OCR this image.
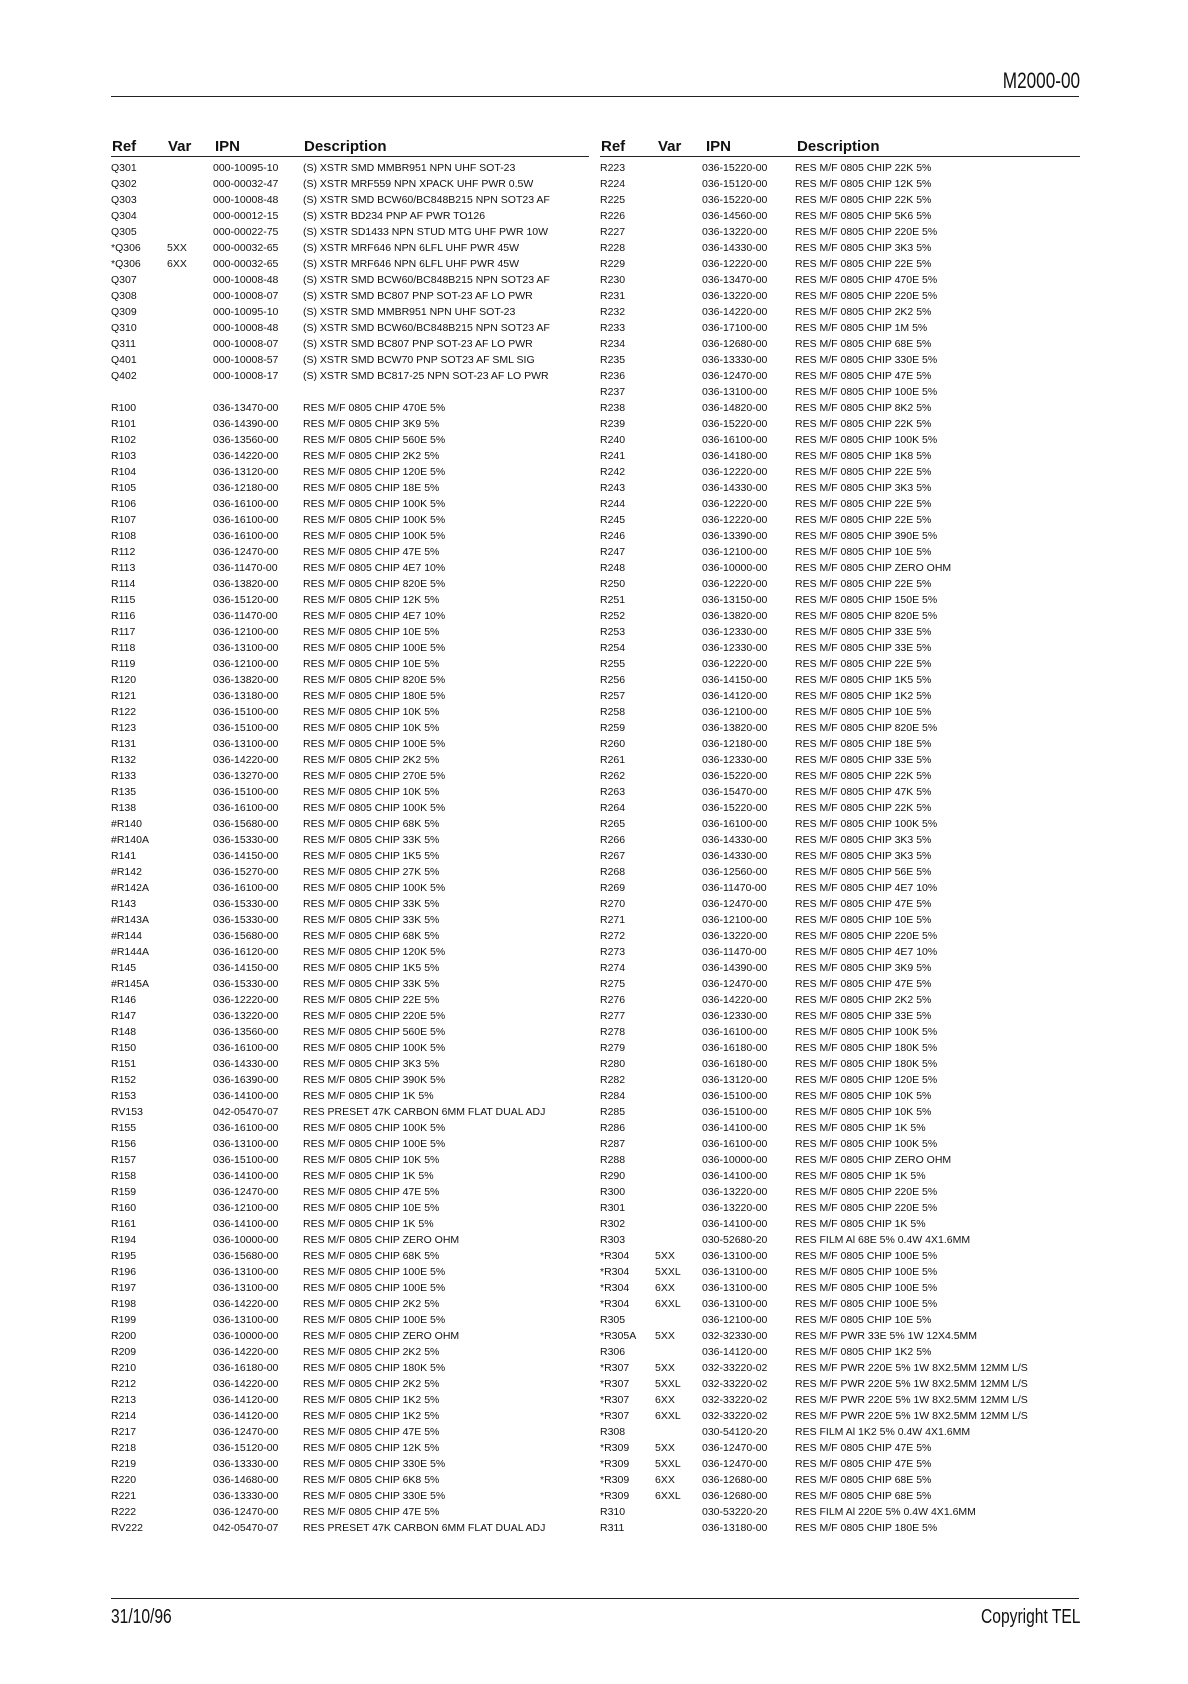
M2000-00
Ref Var IPN	Description
Q301	000-10095-10 (S) XSTR SMD MMBR951 NPN UHF SOT-23
Q302	000-00032-47 (S) XSTR MRF559 NPN XPACK UHF PWR 0.5W
Q303	000-10008-48 (S) XSTR SMD BCW60/BC848B215 NPN SOT23 AF
Q304	000-00012-15 (S) XSTR BD234 PNP AF PWR TO126
Q305	000-00022-75 (S) XSTR SD1433 NPN STUD MTG UHF PWR 10W
*Q306 5XX 000-00032-65 (S) XSTR MRF646 NPN 6LFL UHF PWR 45W
*Q306 6XX 000-00032-65 (S) XSTR MRF646 NPN 6LFL UHF PWR 45W
Q307	000-10008-48 (S) XSTR SMD BCW60/BC848B215 NPN SOT23 AF
Q308	000-10008-07 (S) XSTR SMD BC807 PNP SOT-23 AF LO PWR
Q309	000-10095-10 (S) XSTR SMD MMBR951 NPN UHF SOT-23
Q310	000-10008-48 (S) XSTR SMD BCW60/BC848B215 NPN SOT23 AF
Q311	000-10008-07 (S) XSTR SMD BC807 PNP SOT-23 AF LO PWR
Q401	000-10008-57 (S) XSTR SMD BCW70 PNP SOT23 AF SML SIG
Q402	000-10008-17 (S) XSTR SMD BC817-25 NPN SOT-23 AF LO PWR
R100	036-13470-00 RES M/F 0805 CHIP 470E 5%
R101	036-14390-00 RES M/F 0805 CHIP 3K9 5%
R102	036-13560-00 RES M/F 0805 CHIP 560E 5%
R103	036-14220-00 RES M/F 0805 CHIP 2K2 5%
R104	036-13120-00 RES M/F 0805 CHIP 120E 5%
R105	036-12180-00 RES M/F 0805 CHIP 18E 5%
R106	036-16100-00 RES M/F 0805 CHIP 100K 5%
R107	036-16100-00 RES M/F 0805 CHIP 100K 5%
R108	036-16100-00 RES M/F 0805 CHIP 100K 5%
R112	036-12470-00 RES M/F 0805 CHIP 47E 5%
R113	036-11470-00 RES M/F 0805 CHIP 4E7 10%
R114	036-13820-00 RES M/F 0805 CHIP 820E 5%
R115	036-15120-00 RES M/F 0805 CHIP 12K 5%
R116	036-11470-00 RES M/F 0805 CHIP 4E7 10%
R117	036-12100-00 RES M/F 0805 CHIP 10E 5%
R118	036-13100-00 RES M/F 0805 CHIP 100E 5%
R119	036-12100-00 RES M/F 0805 CHIP 10E 5%
R120	036-13820-00 RES M/F 0805 CHIP 820E 5%
R121	036-13180-00 RES M/F 0805 CHIP 180E 5%
R122	036-15100-00 RES M/F 0805 CHIP 10K 5%
R123	036-15100-00 RES M/F 0805 CHIP 10K 5%
R131	036-13100-00 RES M/F 0805 CHIP 100E 5%
R132	036-14220-00 RES M/F 0805 CHIP 2K2 5%
R133	036-13270-00 RES M/F 0805 CHIP 270E 5%
R135	036-15100-00 RES M/F 0805 CHIP 10K 5%
R138	036-16100-00 RES M/F 0805 CHIP 100K 5%
#R140	036-15680-00 RES M/F 0805 CHIP 68K 5%
#R140A	036-15330-00 RES M/F 0805 CHIP 33K 5%
R141	036-14150-00 RES M/F 0805 CHIP 1K5 5%
#R142	036-15270-00 RES M/F 0805 CHIP 27K 5%
#R142A	036-16100-00 RES M/F 0805 CHIP 100K 5%
R143	036-15330-00 RES M/F 0805 CHIP 33K 5%
#R143A	036-15330-00 RES M/F 0805 CHIP 33K 5%
#R144	036-15680-00 RES M/F 0805 CHIP 68K 5%
#R144A	036-16120-00 RES M/F 0805 CHIP 120K 5%
R145	036-14150-00 RES M/F 0805 CHIP 1K5 5%
#R145A	036-15330-00 RES M/F 0805 CHIP 33K 5%
R146	036-12220-00 RES M/F 0805 CHIP 22E 5%
R147	036-13220-00 RES M/F 0805 CHIP 220E 5%
R148	036-13560-00 RES M/F 0805 CHIP 560E 5%
R150	036-16100-00 RES M/F 0805 CHIP 100K 5%
R151	036-14330-00 RES M/F 0805 CHIP 3K3 5%
R152	036-16390-00 RES M/F 0805 CHIP 390K 5%
R153	036-14100-00 RES M/F 0805 CHIP 1K 5%
RV153	042-05470-07 RES PRESET 47K CARBON 6MM FLAT DUAL ADJ
R155	036-16100-00 RES M/F 0805 CHIP 100K 5%
R156	036-13100-00 RES M/F 0805 CHIP 100E 5%
R157	036-15100-00 RES M/F 0805 CHIP 10K 5%
R158	036-14100-00 RES M/F 0805 CHIP 1K 5%
R159	036-12470-00 RES M/F 0805 CHIP 47E 5%
R160	036-12100-00 RES M/F 0805 CHIP 10E 5%
R161	036-14100-00 RES M/F 0805 CHIP 1K 5%
R194	036-10000-00 RES M/F 0805 CHIP ZERO OHM
R195	036-15680-00 RES M/F 0805 CHIP 68K 5%
R196	036-13100-00 RES M/F 0805 CHIP 100E 5%
R197	036-13100-00 RES M/F 0805 CHIP 100E 5%
R198	036-14220-00 RES M/F 0805 CHIP 2K2 5%
R199	036-13100-00 RES M/F 0805 CHIP 100E 5%
R200	036-10000-00 RES M/F 0805 CHIP ZERO OHM
R209	036-14220-00 RES M/F 0805 CHIP 2K2 5%
R210	036-16180-00 RES M/F 0805 CHIP 180K 5%
R212	036-14220-00 RES M/F 0805 CHIP 2K2 5%
R213	036-14120-00 RES M/F 0805 CHIP 1K2 5%
R214	036-14120-00 RES M/F 0805 CHIP 1K2 5%
R217	036-12470-00 RES M/F 0805 CHIP 47E 5%
R218	036-15120-00 RES M/F 0805 CHIP 12K 5%
R219	036-13330-00 RES M/F 0805 CHIP 330E 5%
R220	036-14680-00 RES M/F 0805 CHIP 6K8 5%
R221	036-13330-00 RES M/F 0805 CHIP 330E 5%
R222	036-12470-00 RES M/F 0805 CHIP 47E 5%
RV222	042-05470-07 RES PRESET 47K CARBON 6MM FLAT DUAL ADJ
Ref Var IPN	Description
R223	036-15220-00	RES M/F 0805 CHIP 22K 5%
R224	036-15120-00	RES M/F 0805 CHIP 12K 5%
R225	036-15220-00	RES M/F 0805 CHIP 22K 5%
R226	036-14560-00	RES M/F 0805 CHIP 5K6 5%
R227	036-13220-00	RES M/F 0805 CHIP 220E 5%
R228	036-14330-00	RES M/F 0805 CHIP 3K3 5%
R229	036-12220-00	RES M/F 0805 CHIP 22E 5%
R230	036-13470-00	RES M/F 0805 CHIP 470E 5%
R231	036-13220-00	RES M/F 0805 CHIP 220E 5%
R232	036-14220-00	RES M/F 0805 CHIP 2K2 5%
R233	036-17100-00	RES M/F 0805 CHIP 1M 5%
R234	036-12680-00	RES M/F 0805 CHIP 68E 5%
R235	036-13330-00	RES M/F 0805 CHIP 330E 5%
R236	036-12470-00	RES M/F 0805 CHIP 47E 5%
R237	036-13100-00	RES M/F 0805 CHIP 100E 5%
R238	036-14820-00	RES M/F 0805 CHIP 8K2 5%
R239	036-15220-00	RES M/F 0805 CHIP 22K 5%
R240	036-16100-00	RES M/F 0805 CHIP 100K 5%
R241	036-14180-00	RES M/F 0805 CHIP 1K8 5%
R242	036-12220-00	RES M/F 0805 CHIP 22E 5%
R243	036-14330-00	RES M/F 0805 CHIP 3K3 5%
R244	036-12220-00	RES M/F 0805 CHIP 22E 5%
R245	036-12220-00	RES M/F 0805 CHIP 22E 5%
R246	036-13390-00	RES M/F 0805 CHIP 390E 5%
R247	036-12100-00	RES M/F 0805 CHIP 10E 5%
R248	036-10000-00	RES M/F 0805 CHIP ZERO OHM
R250	036-12220-00	RES M/F 0805 CHIP 22E 5%
R251	036-13150-00	RES M/F 0805 CHIP 150E 5%
R252	036-13820-00	RES M/F 0805 CHIP 820E 5%
R253	036-12330-00	RES M/F 0805 CHIP 33E 5%
R254	036-12330-00	RES M/F 0805 CHIP 33E 5%
R255	036-12220-00	RES M/F 0805 CHIP 22E 5%
R256	036-14150-00	RES M/F 0805 CHIP 1K5 5%
R257	036-14120-00	RES M/F 0805 CHIP 1K2 5%
R258	036-12100-00	RES M/F 0805 CHIP 10E 5%
R259	036-13820-00	RES M/F 0805 CHIP 820E 5%
R260	036-12180-00	RES M/F 0805 CHIP 18E 5%
R261	036-12330-00	RES M/F 0805 CHIP 33E 5%
R262	036-15220-00	RES M/F 0805 CHIP 22K 5%
R263	036-15470-00	RES M/F 0805 CHIP 47K 5%
R264	036-15220-00	RES M/F 0805 CHIP 22K 5%
R265	036-16100-00	RES M/F 0805 CHIP 100K 5%
R266	036-14330-00	RES M/F 0805 CHIP 3K3 5%
R267	036-14330-00	RES M/F 0805 CHIP 3K3 5%
R268	036-12560-00	RES M/F 0805 CHIP 56E 5%
R269	036-11470-00	RES M/F 0805 CHIP 4E7 10%
R270	036-12470-00	RES M/F 0805 CHIP 47E 5%
R271	036-12100-00	RES M/F 0805 CHIP 10E 5%
R272	036-13220-00	RES M/F 0805 CHIP 220E 5%
R273	036-11470-00	RES M/F 0805 CHIP 4E7 10%
R274	036-14390-00	RES M/F 0805 CHIP 3K9 5%
R275	036-12470-00	RES M/F 0805 CHIP 47E 5%
R276	036-14220-00	RES M/F 0805 CHIP 2K2 5%
R277	036-12330-00	RES M/F 0805 CHIP 33E 5%
R278	036-16100-00	RES M/F 0805 CHIP 100K 5%
R279	036-16180-00	RES M/F 0805 CHIP 180K 5%
R280	036-16180-00	RES M/F 0805 CHIP 180K 5%
R282	036-13120-00	RES M/F 0805 CHIP 120E 5%
R284	036-15100-00	RES M/F 0805 CHIP 10K 5%
R285	036-15100-00	RES M/F 0805 CHIP 10K 5%
R286	036-14100-00	RES M/F 0805 CHIP 1K 5%
R287	036-16100-00	RES M/F 0805 CHIP 100K 5%
R288	036-10000-00	RES M/F 0805 CHIP ZERO OHM
R290	036-14100-00	RES M/F 0805 CHIP 1K 5%
R300	036-13220-00	RES M/F 0805 CHIP 220E 5%
R301	036-13220-00	RES M/F 0805 CHIP 220E 5%
R302	036-14100-00	RES M/F 0805 CHIP 1K 5%
R303	030-52680-20	RES FILM Al 68E 5% 0.4W 4X1.6MM
*R304 5XX	036-13100-00	RES M/F 0805 CHIP 100E 5%
*R304 5XXL 036-13100-00	RES M/F 0805 CHIP 100E 5%
*R304 6XX	036-13100-00	RES M/F 0805 CHIP 100E 5%
*R304 6XXL 036-13100-00	RES M/F 0805 CHIP 100E 5%
R305	036-12100-00	RES M/F 0805 CHIP 10E 5%
*R305A 5XX	032-32330-00	RES M/F PWR 33E 5% 1W 12X4.5MM
R306	036-14120-00	RES M/F 0805 CHIP 1K2 5%
*R307 5XX	032-33220-02	RES M/F PWR 220E 5% 1W 8X2.5MM 12MM L/S
*R307 5XXL 032-33220-02	RES M/F PWR 220E 5% 1W 8X2.5MM 12MM L/S
*R307 6XX	032-33220-02	RES M/F PWR 220E 5% 1W 8X2.5MM 12MM L/S
*R307 6XXL 032-33220-02	RES M/F PWR 220E 5% 1W 8X2.5MM 12MM L/S
R308	030-54120-20	RES FILM Al 1K2 5% 0.4W 4X1.6MM
*R309 5XX	036-12470-00	RES M/F 0805 CHIP 47E 5%
*R309 5XXL 036-12470-00	RES M/F 0805 CHIP 47E 5%
*R309 6XX	036-12680-00	RES M/F 0805 CHIP 68E 5%
*R309 6XXL 036-12680-00	RES M/F 0805 CHIP 68E 5%
R310	030-53220-20	RES FILM Al 220E 5% 0.4W 4X1.6MM
R311	036-13180-00	RES M/F 0805 CHIP 180E 5%
31/10/96	Copyright TEL
